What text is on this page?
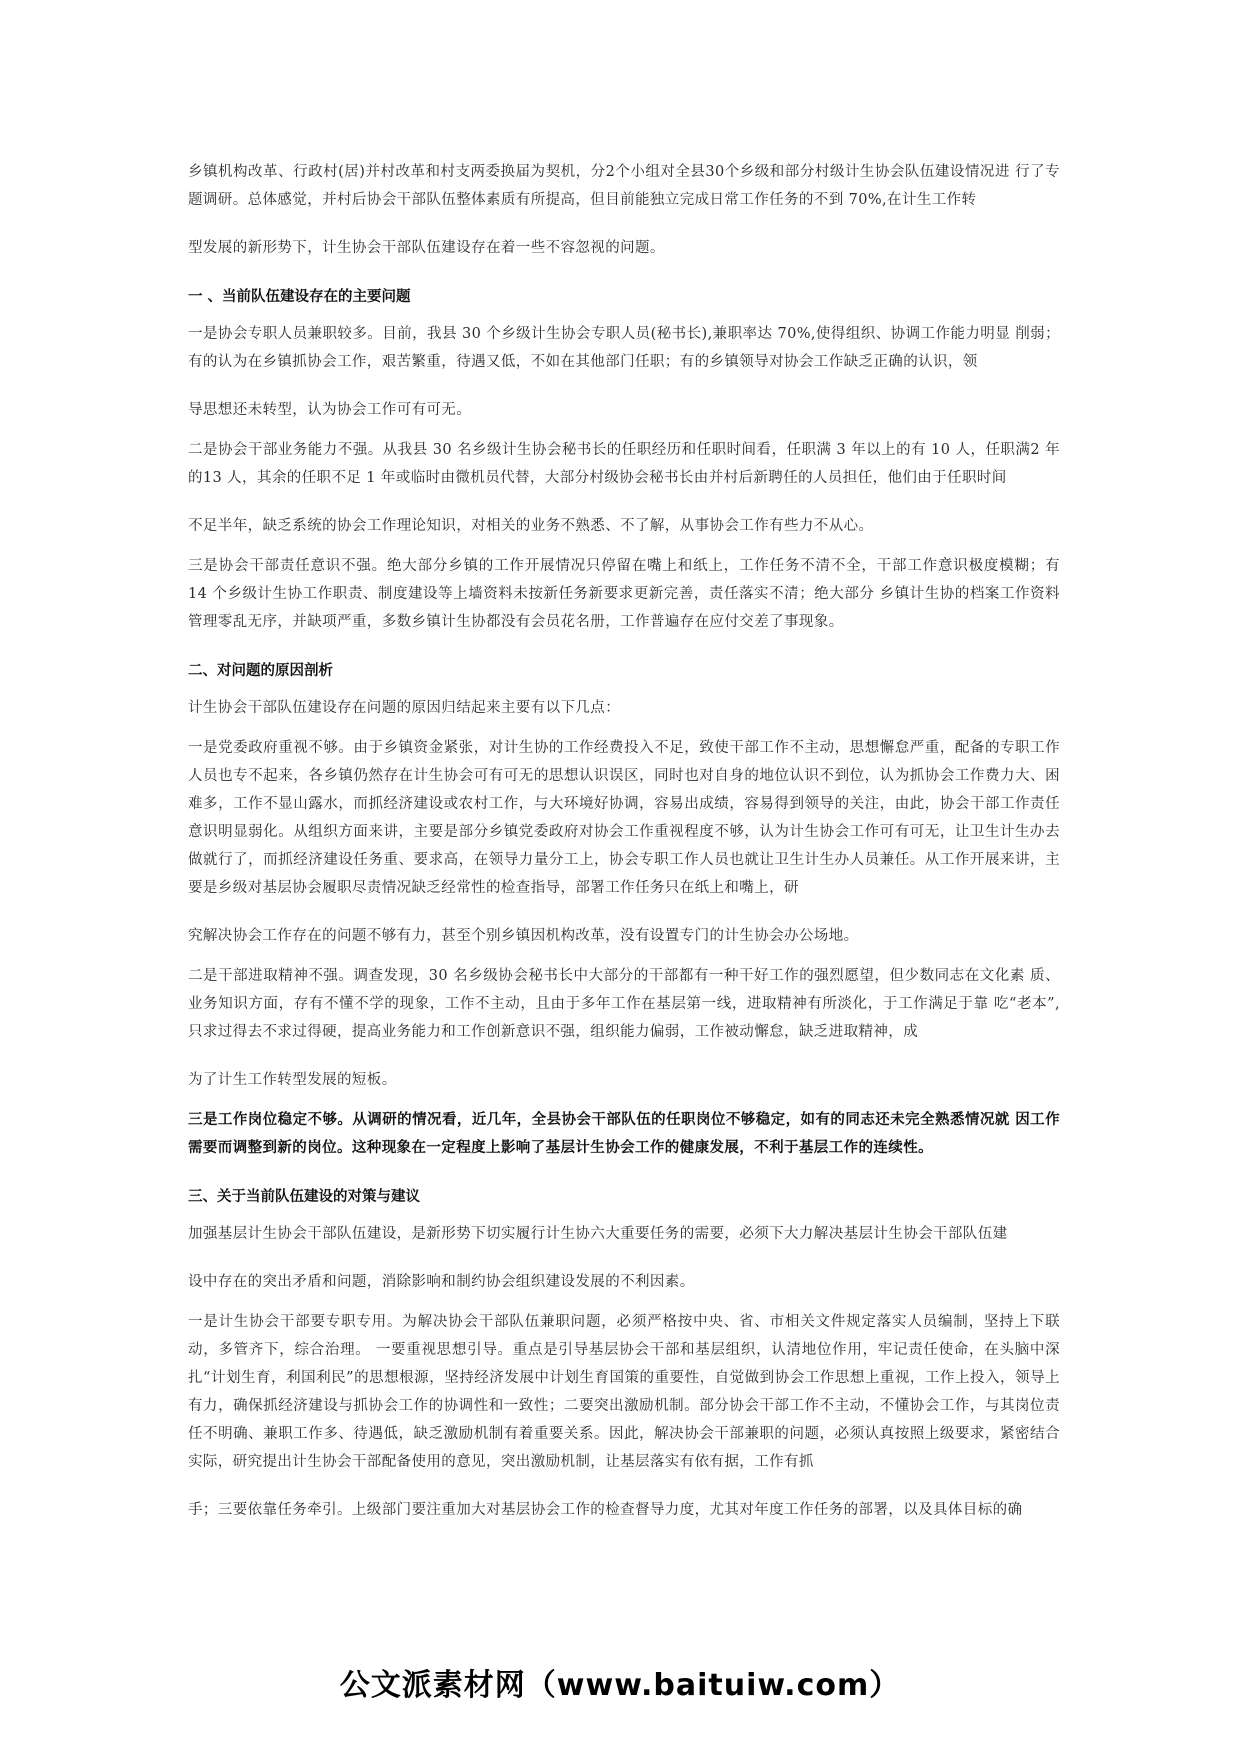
乡镇机构改革、行政村(居)并村改革和村支两委换届为契机，分2个小组对全县30个乡级和部分村级计生协会队伍建设情况进 行了专题调研。总体感觉，并村后协会干部队伍整体素质有所提高，但目前能独立完成日常工作任务的不到 70%,在计生工作转

型发展的新形势下，计生协会干部队伍建设存在着一些不容忽视的问题。

一 、当前队伍建设存在的主要问题

一是协会专职人员兼职较多。目前，我县 30 个乡级计生协会专职人员(秘书长),兼职率达 70%,使得组织、协调工作能力明显 削弱；有的认为在乡镇抓协会工作，艰苦繁重，待遇又低，不如在其他部门任职；有的乡镇领导对协会工作缺乏正确的认识，领

导思想还未转型，认为协会工作可有可无。

二是协会干部业务能力不强。从我县 30 名乡级计生协会秘书长的任职经历和任职时间看，任职满 3 年以上的有 10 人，任职满2 年的13 人，其余的任职不足 1 年或临时由微机员代替，大部分村级协会秘书长由并村后新聘任的人员担任，他们由于任职时间

不足半年，缺乏系统的协会工作理论知识，对相关的业务不熟悉、不了解，从事协会工作有些力不从心。

三是协会干部责任意识不强。绝大部分乡镇的工作开展情况只停留在嘴上和纸上，工作任务不清不全，干部工作意识极度模糊；有 14 个乡级计生协工作职责、制度建设等上墙资料未按新任务新要求更新完善，责任落实不清；绝大部分 乡镇计生协的档案工作资料管理零乱无序，并缺项严重，多数乡镇计生协都没有会员花名册，工作普遍存在应付交差了事现象。

二、对问题的原因剖析

计生协会干部队伍建设存在问题的原因归结起来主要有以下几点：

一是党委政府重视不够。由于乡镇资金紧张，对计生协的工作经费投入不足，致使干部工作不主动，思想懈怠严重，配备的专职工作人员也专不起来，各乡镇仍然存在计生协会可有可无的思想认识误区，同时也对自身的地位认识不到位，认为抓协会工作费力大、困难多，工作不显山露水，而抓经济建设或农村工作，与大环境好协调，容易出成绩，容易得到领导的关注，由此，协会干部工作责任意识明显弱化。从组织方面来讲，主要是部分乡镇党委政府对协会工作重视程度不够，认为计生协会工作可有可无，让卫生计生办去做就行了，而抓经济建设任务重、要求高，在领导力量分工上，协会专职工作人员也就让卫生计生办人员兼任。从工作开展来讲，主要是乡级对基层协会履职尽责情况缺乏经常性的检查指导，部署工作任务只在纸上和嘴上，研

究解决协会工作存在的问题不够有力，甚至个别乡镇因机构改革，没有设置专门的计生协会办公场地。

二是干部进取精神不强。调查发现，30 名乡级协会秘书长中大部分的干部都有一种干好工作的强烈愿望，但少数同志在文化素 质、业务知识方面，存有不懂不学的现象，工作不主动，且由于多年工作在基层第一线，进取精神有所淡化，于工作满足于靠 吃“老本”,只求过得去不求过得硬，提高业务能力和工作创新意识不强，组织能力偏弱，工作被动懈怠，缺乏进取精神，成

为了计生工作转型发展的短板。

三是工作岗位稳定不够。从调研的情况看，近几年，全县协会干部队伍的任职岗位不够稳定，如有的同志还未完全熟悉情况就 因工作需要而调整到新的岗位。这种现象在一定程度上影响了基层计生协会工作的健康发展，不利于基层工作的连续性。

三、关于当前队伍建设的对策与建议

加强基层计生协会干部队伍建设，是新形势下切实履行计生协六大重要任务的需要，必须下大力解决基层计生协会干部队伍建

设中存在的突出矛盾和问题，消除影响和制约协会组织建设发展的不利因素。

一是计生协会干部要专职专用。为解决协会干部队伍兼职问题，必须严格按中央、省、市相关文件规定落实人员编制，坚持上下联动，多管齐下，综合治理。 一要重视思想引导。重点是引导基层协会干部和基层组织，认清地位作用，牢记责任使命，在头脑中深扎“计划生育，利国利民”的思想根源，坚持经济发展中计划生育国策的重要性，自觉做到协会工作思想上重视，工作上投入，领导上有力，确保抓经济建设与抓协会工作的协调性和一致性；二要突出激励机制。部分协会干部工作不主动，不懂协会工作，与其岗位责任不明确、兼职工作多、待遇低，缺乏激励机制有着重要关系。因此，解决协会干部兼职的问题，必须认真按照上级要求，紧密结合实际，研究提出计生协会干部配备使用的意见，突出激励机制，让基层落实有依有据，工作有抓

手；三要依靠任务牵引。上级部门要注重加大对基层协会工作的检查督导力度，尤其对年度工作任务的部署，以及具体目标的确

公文派素材网（www.baituiw.com）
